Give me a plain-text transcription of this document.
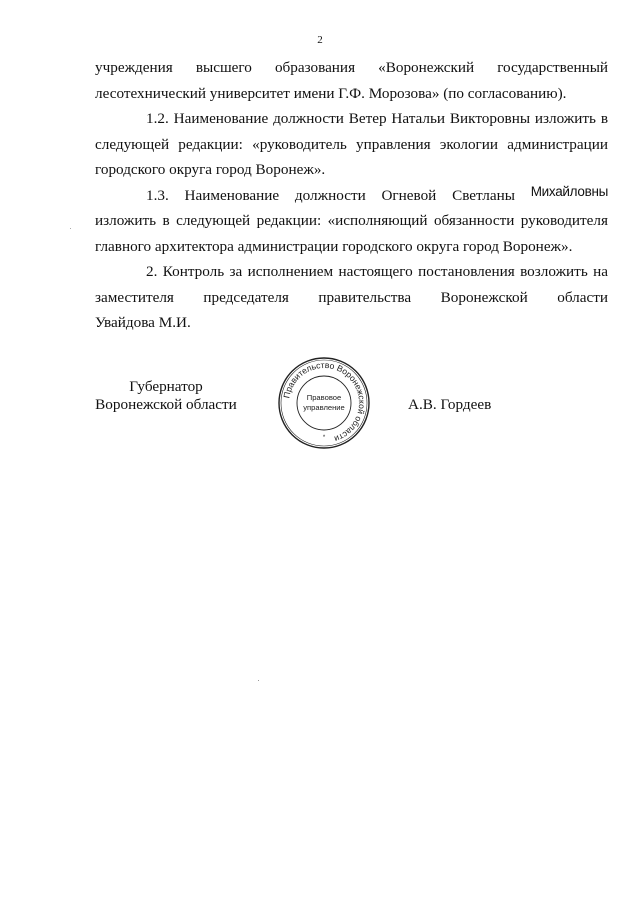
2

учреждения высшего образования «Воронежский государственный

лесотехнический университет имени Г.Ф. Морозова» (по согласованию).

1.2. Наименование должности Ветер Натальи Викторовны изложить в следующей редакции: «руководитель управления экологии администрации городского округа город Воронеж».

1.3. Наименование должности Огневой Светланы Михайловны изложить в следующей редакции: «исполняющий обязанности руководителя главного архитектора администрации городского округа город Воронеж».

2. Контроль за исполнением настоящего постановления возложить на

заместителя председателя правительства Воронежской области

Увайдова М.И.

Губернатор
Воронежской области
Правительство Воронежской области
Правовое
управление
*
А.В. Гордеев
